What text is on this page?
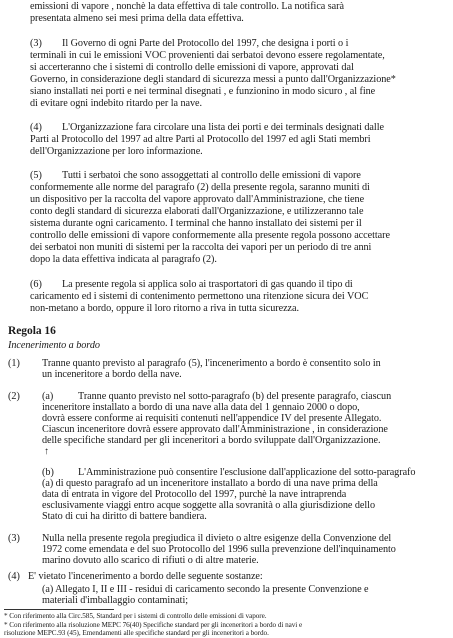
emissioni di vapore , nonchè la data effettiva di tale controllo. La notifica sarà
presentata almeno sei mesi prima della data effettiva.
(3) Il Governo di ogni Parte del Protocollo del 1997, che designa i porti o i
terminali in cui le emissioni VOC provenienti dai serbatoi devono essere regolamentate,
si accerteranno che i sistemi di controllo delle emissioni di vapore, approvati dal
Governo, in considerazione degli standard di sicurezza messi a punto dall'Organizzazione*
siano installati nei porti e nei terminal disegnati , e funzionino in modo sicuro , al fine
di evitare ogni indebito ritardo per la nave.
(4) L'Organizzazione fara circolare una lista dei porti e dei terminals designati dalle
Parti al Protocollo del 1997 ad altre Parti al Protocollo del 1997 ed agli Stati membri
dell'Organizzazione per loro informazione.
(5) Tutti i serbatoi che sono assoggettati al controllo delle emissioni di vapore
conformemente alle norme del paragrafo (2) della presente regola, saranno muniti di
un dispositivo per la raccolta del vapore approvato dall'Amministrazione, che tiene
conto degli standard di sicurezza elaborati dall'Organizzazione, e utilizzeranno tale
sistema durante ogni caricamento. I terminal che hanno installato dei sistemi per il
controllo delle emissioni di vapore conformemente alla presente regola possono accettare
dei serbatoi non muniti di sistemi per la raccolta dei vapori per un periodo di tre anni
dopo la data effettiva indicata al paragrafo (2).
(6) La presente regola si applica solo ai trasportatori di gas quando il tipo di
caricamento ed i sistemi di contenimento permettono una ritenzione sicura dei VOC
non-metano a bordo, oppure il loro ritorno a riva in tutta sicurezza.
Regola 16
Incenerimento a bordo
(1) Tranne quanto previsto al paragrafo (5), l'incenerimento a bordo è consentito solo in
un inceneritore a bordo della nave.
(2) (a) Tranne quanto previsto nel sotto-paragrafo (b) del presente paragrafo, ciascun
inceneritore installato a bordo di una nave alla data del 1 gennaio 2000 o dopo,
dovrà essere conforme ai requisiti contenuti nell'appendice IV del presente Allegato.
Ciascun inceneritore dovrà essere approvato dall'Amministrazione , in considerazione
delle specifiche standard per gli inceneritori a bordo sviluppate dall'Organizzazione.
↑
(b) L'Amministrazione può consentire l'esclusione dall'applicazione del sotto-paragrafo
(a) di questo paragrafo ad un inceneritore installato a bordo di una nave prima della
data di entrata in vigore del Protocollo del 1997, purchè la nave intraprenda
esclusivamente viaggi entro acque soggette alla sovranità o alla giurisdizione dello
Stato di cui ha diritto di battere bandiera.
(3) Nulla nella presente regola pregiudica il divieto o altre esigenze della Convenzione del
1972 come emendata e del suo Protocollo del 1996 sulla prevenzione dell'inquinamento
marino dovuto allo scarico di rifiuti o di altre materie.
(4) E' vietato l'incenerimento a bordo delle seguente sostanze:
(a) Allegato I, II e III - residui di caricamento secondo la presente Convenzione e
materiali d'imballaggio contaminati;
* Con riferimento alla Circ.585, Standard per i sistemi di controllo delle emissioni di vapore.
* Con riferimento alla risoluzione MEPC 76(40) Specifiche standard per gli inceneritori a bordo di navi e
risoluzione MEPC.93 (45), Emendamenti alle specifiche standard per gli inceneritori a bordo.
